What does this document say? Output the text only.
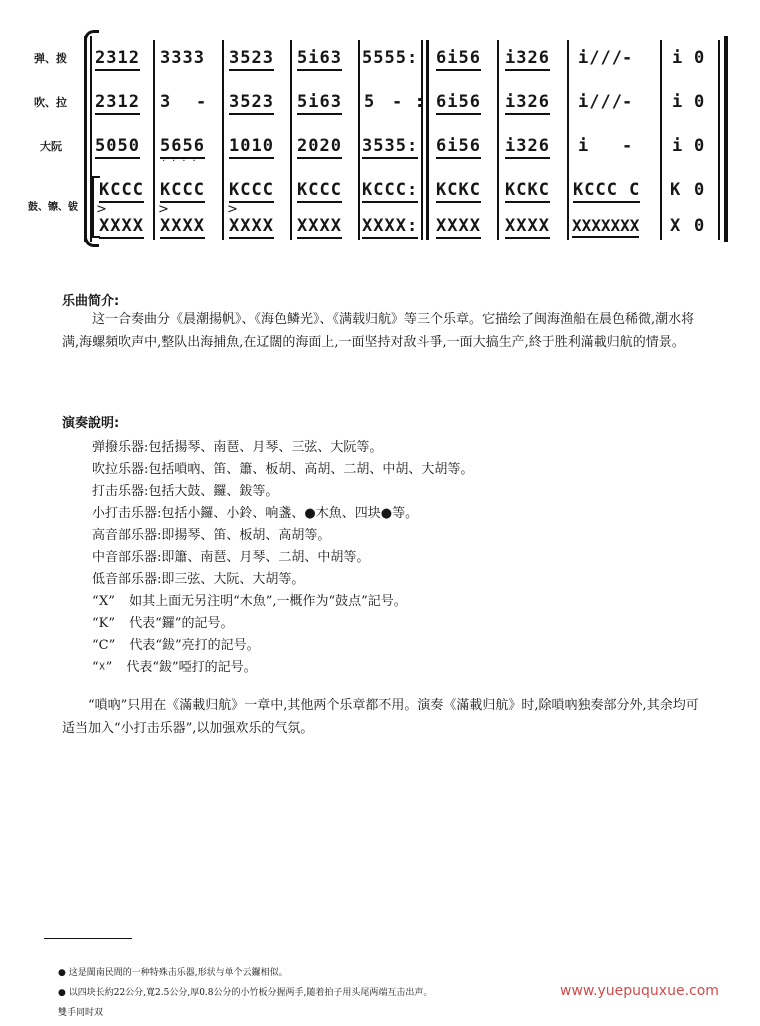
弹、拨
吹、拉
大阮
鼓、镲、钹
2312 3333 3523 5i63 5555: 6i56 i326 i/// - i 0
2312 3 - 3523 5i63 5 - : 6i56 i326 i/// - i 0
5050 5656
····
1010 2020 3535: 6i56 i326 i - i 0
KCCC KCCC KCCC KCCC KCCC: KCKC KCKC KCCC C K 0
>	>	>
XXXX XXXX XXXX XXXX XXXX: XXXX XXXX XXXXXXX X 0
乐曲简介:
这一合奏曲分《晨潮揚帆》、《海色鳞光》、《满载归航》等三个乐章。它描绘了闽海渔船在晨色稀微,潮水将满,海螺頻吹声中,整队出海捕魚,在辽闊的海面上,一面坚持对敌斗爭,一面大搞生产,終于胜利滿載归航的情景。
演奏說明:
弹撥乐器:包括揚琴、南琶、月琴、三弦、大阮等。
吹拉乐器:包括嗩吶、笛、簫、板胡、高胡、二胡、中胡、大胡等。
打击乐器:包括大鼓、鑼、鈸等。
小打击乐器:包括小鑼、小鈴、响盞、●木魚、四块●等。
高音部乐器:即揚琴、笛、板胡、高胡等。
中音部乐器:即簫、南琶、月琴、二胡、中胡等。
低音部乐器:即三弦、大阮、大胡等。
“X” 如其上面无另注明“木魚”,一概作为“鼓点”記号。
“K” 代表“鑼”的記号。
“C” 代表“鈸”亮打的記号。
“☓” 代表“鈸”啞打的記号。
“嗩吶”只用在《滿載归航》一章中,其他两个乐章都不用。演奏《滿載归航》时,除嗩吶独奏部分外,其余均可适当加入“小打击乐器”,以加强欢乐的气氛。
● 这是閩南民間的一种特殊击乐器,形状与单个云鑼相似。
● 以四块长約22公分,寬2.5公分,厚0.8公分的小竹板分握两手,随着拍子用头尾两端互击出声。
雙手同时双
www.yuepuquxue.com
